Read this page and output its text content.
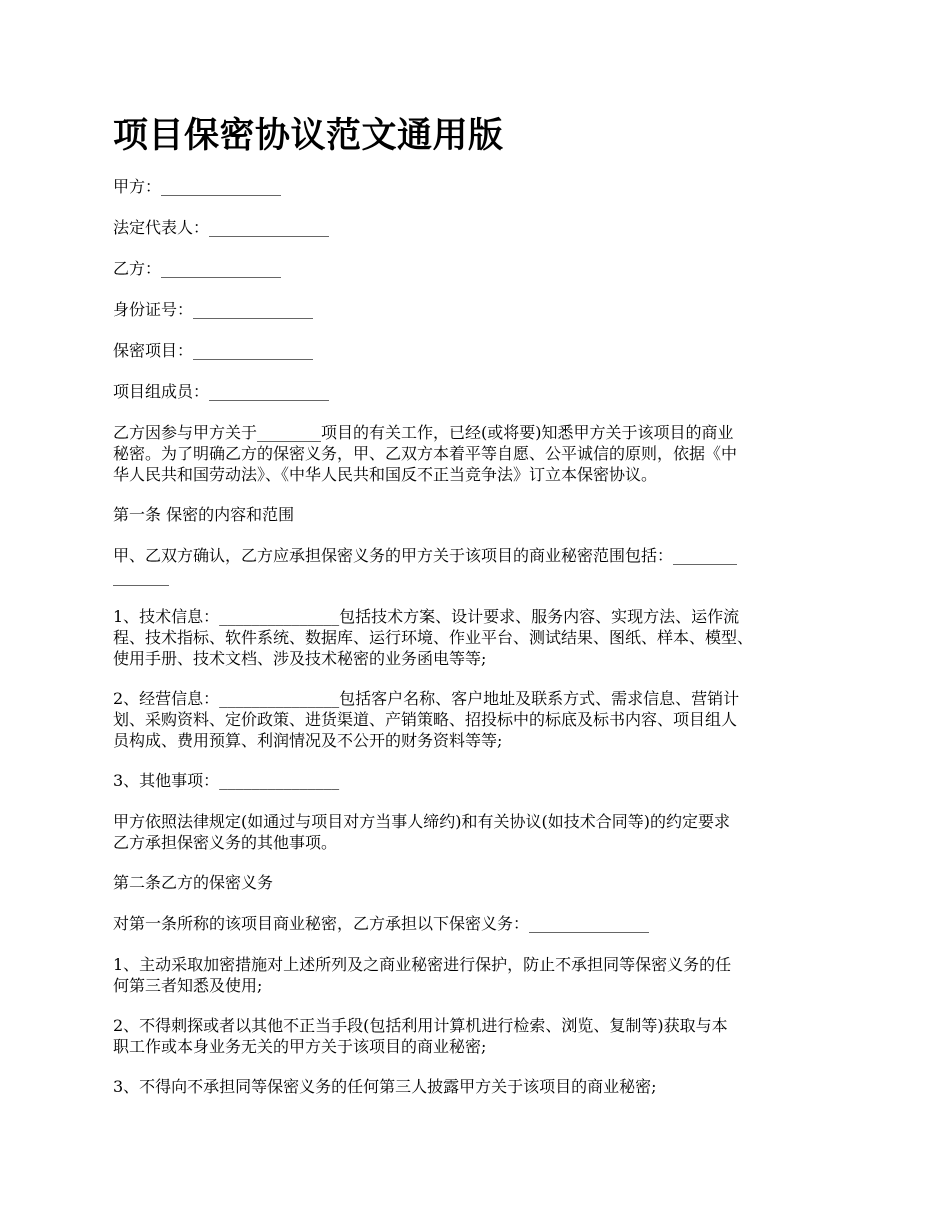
项目保密协议范文通用版

甲方：_______________

法定代表人：_______________

乙方：_______________

身份证号：_______________

保密项目：_______________

项目组成员：_______________

乙方因参与甲方关于________项目的有关工作，已经(或将要)知悉甲方关于该项目的商业
秘密。为了明确乙方的保密义务，甲、乙双方本着平等自愿、公平诚信的原则，依据《中
华人民共和国劳动法》、《中华人民共和国反不正当竞争法》订立本保密协议。

第一条 保密的内容和范围

甲、乙双方确认，乙方应承担保密义务的甲方关于该项目的商业秘密范围包括：________
_______

1、技术信息：_______________包括技术方案、设计要求、服务内容、实现方法、运作流
程、技术指标、软件系统、数据库、运行环境、作业平台、测试结果、图纸、样本、模型、
使用手册、技术文档、涉及技术秘密的业务函电等等;

2、经营信息：_______________包括客户名称、客户地址及联系方式、需求信息、营销计
划、采购资料、定价政策、进货渠道、产销策略、招投标中的标底及标书内容、项目组人
员构成、费用预算、利润情况及不公开的财务资料等等;

3、其他事项：_______________

甲方依照法律规定(如通过与项目对方当事人缔约)和有关协议(如技术合同等)的约定要求
乙方承担保密义务的其他事项。

第二条乙方的保密义务

对第一条所称的该项目商业秘密，乙方承担以下保密义务：_______________

1、主动采取加密措施对上述所列及之商业秘密进行保护，防止不承担同等保密义务的任
何第三者知悉及使用;

2、不得刺探或者以其他不正当手段(包括利用计算机进行检索、浏览、复制等)获取与本
职工作或本身业务无关的甲方关于该项目的商业秘密;

3、不得向不承担同等保密义务的任何第三人披露甲方关于该项目的商业秘密;
